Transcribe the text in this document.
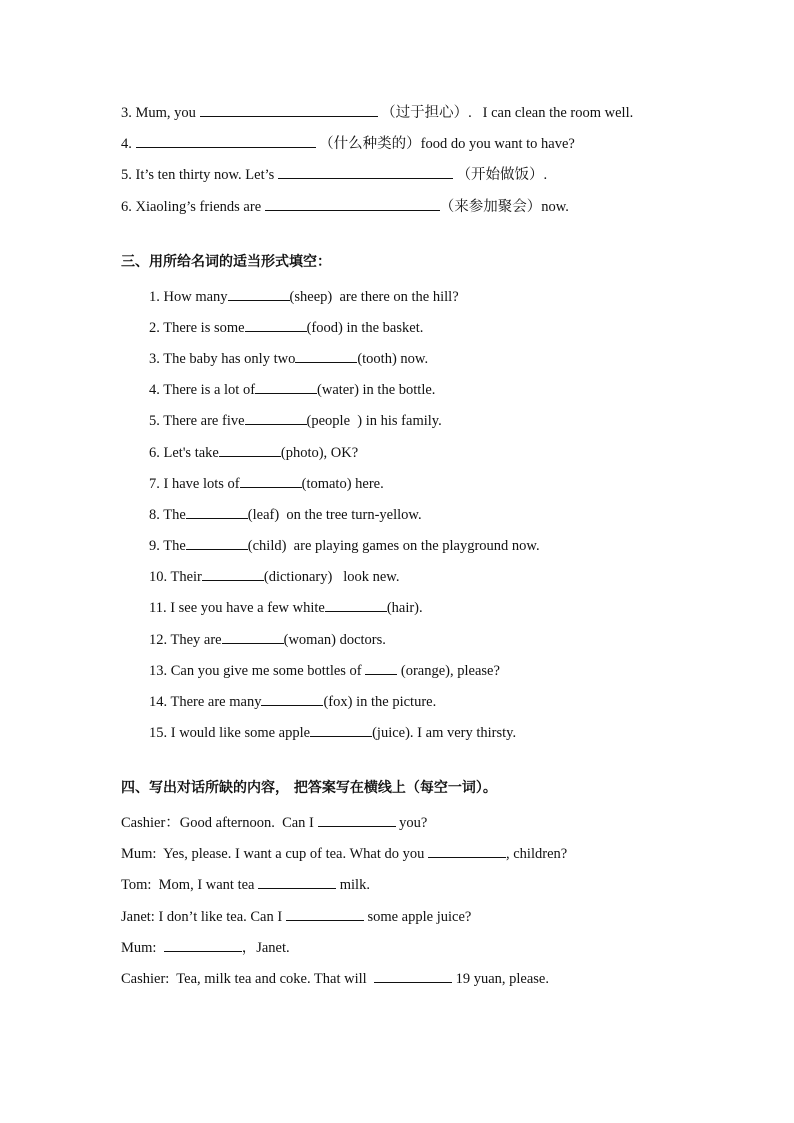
3. Mum, you	（过于担心）.   I can clean the room well.
4.	（什么种类的）food do you want to have?
5. It’s ten thirty now. Let’s	（开始做饭）.
6. Xiaoling’s friends are	（来参加聚会）now.
三、用所给名词的适当形式填空：
1. How many	(sheep)  are there on the hill?
2. There is some	(food) in the basket.
3. The baby has only two	(tooth) now.
4. There is a lot of	(water) in the bottle.
5. There are five	(people  ) in his family.
6. Let's take	(photo), OK?
7. I have lots of	(tomato) here.
8. The	(leaf)  on the tree turn-yellow.
9. The	(child)  are playing games on the playground now.
10. Their	(dictionary)   look new.
11. I see you have a few white	(hair).
12. They are	(woman) doctors.
13. Can you give me some bottles of  (orange), please?
14. There are many	(fox) in the picture.
15. I would like some apple	(juice). I am very thirsty.
四、写出对话所缺的内容， 把答案写在横线上（每空一词）。
Cashier：Good afternoon.  Can I	you?
Mum:  Yes, please. I want a cup of tea. What do you	, children?
Tom:  Mom, I want tea	milk.
Janet: I don’t like tea. Can I	some apple juice?
Mum:	，Janet.
Cashier:  Tea, milk tea and coke. That will	19 yuan, please.
